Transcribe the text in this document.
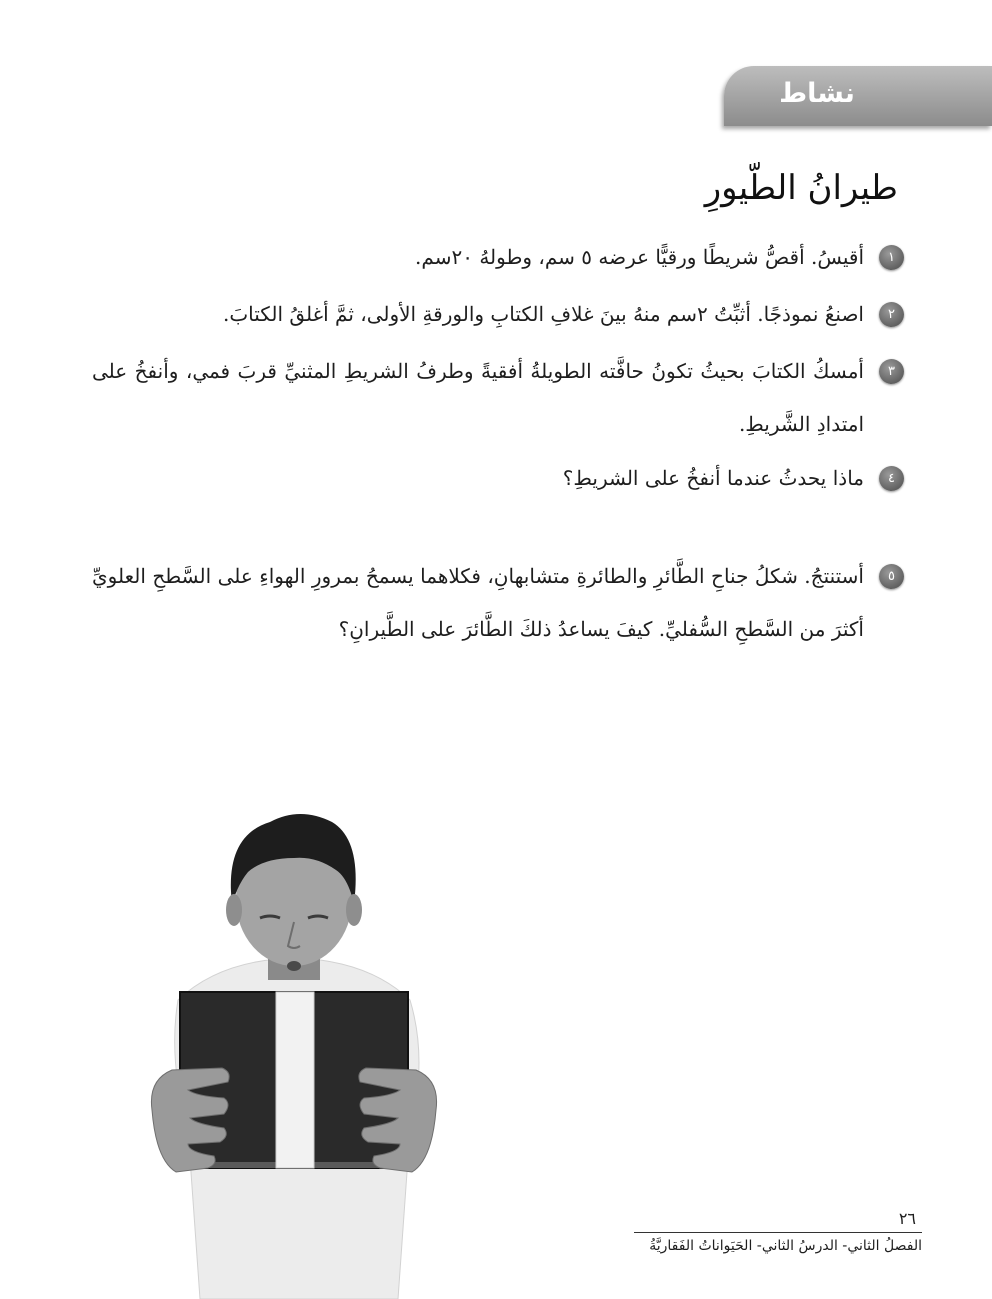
نشاط
طيرانُ الطّيورِ
١
أقيسُ. أقصُّ شريطًا ورقيًّا عرضه ٥ سم، وطولهُ ٢٠سم.
٢
اصنعُ نموذجًا. أثبِّتُ ٢سم منهُ بينَ غلافِ الكتابِ والورقةِ الأولى، ثمَّ أغلقُ الكتابَ.
٣
أمسكُ الكتابَ بحيثُ تكونُ حافَّته الطويلةُ أفقيةً وطرفُ الشريطِ المثنيِّ قربَ فمي، وأنفخُ على امتدادِ الشَّريطِ.
٤
ماذا يحدثُ عندما أنفخُ على الشريطِ؟
٥
أستنتجُ. شكلُ جناحِ الطَّائرِ والطائرةِ متشابهانِ، فكلاهما يسمحُ بمرورِ الهواءِ على السَّطحِ العلويِّ أكثرَ من السَّطحِ السُّفليِّ. كيفَ يساعدُ ذلكَ الطَّائرَ على الطَّيرانِ؟
٢٦
الفصلُ الثاني- الدرسُ الثاني- الحَيَواناتُ الفَقاريَّةُ
